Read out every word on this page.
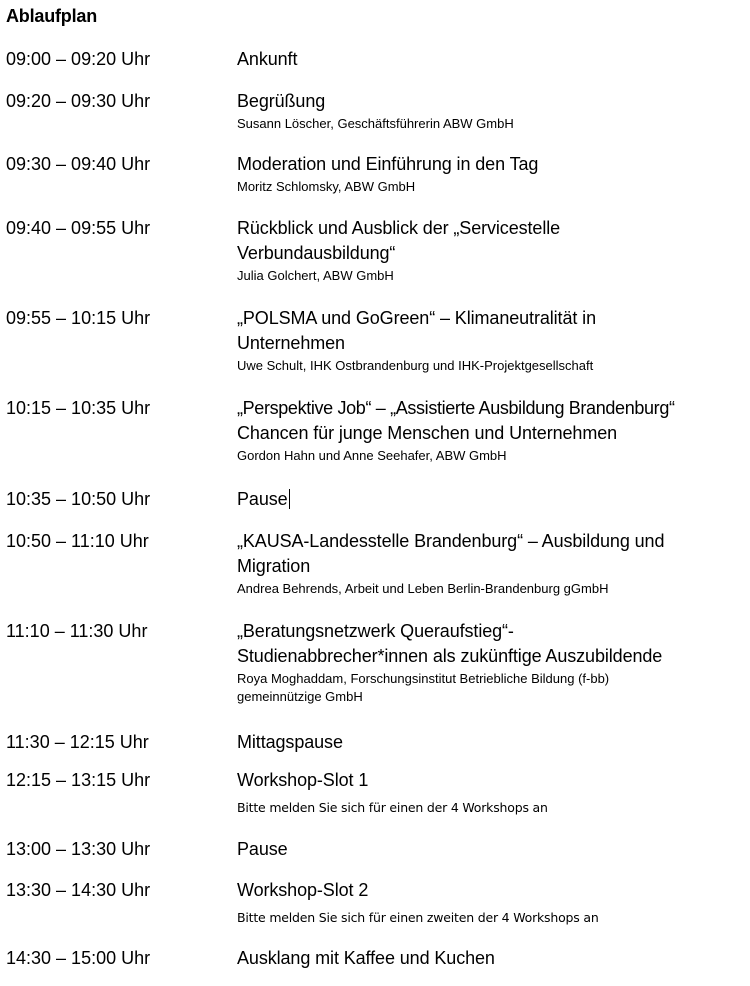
Ablaufplan
09:00 – 09:20 Uhr	Ankunft
09:20 – 09:30 Uhr	Begrüßung
Susann Löscher, Geschäftsführerin ABW GmbH
09:30 – 09:40 Uhr	Moderation und Einführung in den Tag
Moritz Schlomsky, ABW GmbH
09:40 – 09:55 Uhr	Rückblick und Ausblick der „Servicestelle
Verbundausbildung“
Julia Golchert, ABW GmbH
09:55 – 10:15 Uhr	„POLSMA und GoGreen“ – Klimaneutralität in
Unternehmen
Uwe Schult, IHK Ostbrandenburg und IHK-Projektgesellschaft
10:15 – 10:35 Uhr	„Perspektive Job“ – „Assistierte Ausbildung Brandenburg“
Chancen für junge Menschen und Unternehmen
Gordon Hahn und Anne Seehafer, ABW GmbH
10:35 – 10:50 Uhr	Pause
10:50 – 11:10 Uhr	„KAUSA-Landesstelle Brandenburg“ – Ausbildung und
Migration
Andrea Behrends, Arbeit und Leben Berlin-Brandenburg gGmbH
11:10 – 11:30 Uhr	„Beratungsnetzwerk Queraufstieg“-
Studienabbrecher*innen als zukünftige Auszubildende
Roya Moghaddam, Forschungsinstitut Betriebliche Bildung (f-bb)
gemeinnützige GmbH
11:30 – 12:15 Uhr	Mittagspause
12:15 – 13:15 Uhr	Workshop-Slot 1
Bitte melden Sie sich für einen der 4 Workshops an
13:00 – 13:30 Uhr	Pause
13:30 – 14:30 Uhr	Workshop-Slot 2
Bitte melden Sie sich für einen zweiten der 4 Workshops an
14:30 – 15:00 Uhr	Ausklang mit Kaffee und Kuchen
